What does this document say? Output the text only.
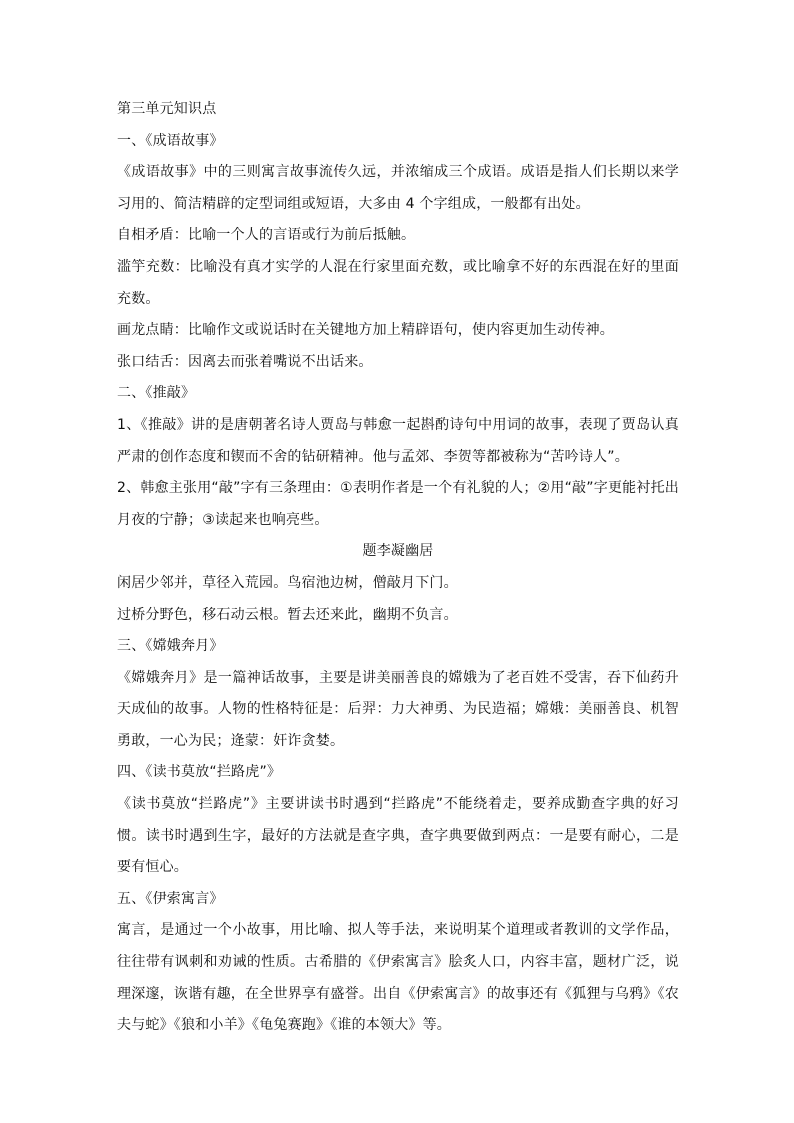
第三单元知识点

一、《成语故事》

《成语故事》中的三则寓言故事流传久远，并浓缩成三个成语。成语是指人们长期以来学习用的、简洁精辟的定型词组或短语，大多由 4 个字组成，一般都有出处。

自相矛盾：比喻一个人的言语或行为前后抵触。

滥竽充数：比喻没有真才实学的人混在行家里面充数，或比喻拿不好的东西混在好的里面充数。

画龙点睛：比喻作文或说话时在关键地方加上精辟语句，使内容更加生动传神。

张口结舌：因离去而张着嘴说不出话来。

二、《推敲》

1、《推敲》讲的是唐朝著名诗人贾岛与韩愈一起斟酌诗句中用词的故事，表现了贾岛认真严肃的创作态度和锲而不舍的钻研精神。他与孟郊、李贺等都被称为“苦吟诗人”。

2、韩愈主张用“敲”字有三条理由：①表明作者是一个有礼貌的人；②用“敲”字更能衬托出月夜的宁静；③读起来也响亮些。

题李凝幽居

闲居少邻并，草径入荒园。鸟宿池边树，僧敲月下门。

过桥分野色，移石动云根。暂去还来此，幽期不负言。

三、《嫦娥奔月》

《嫦娥奔月》是一篇神话故事，主要是讲美丽善良的嫦娥为了老百姓不受害，吞下仙药升天成仙的故事。人物的性格特征是：后羿：力大神勇、为民造福；嫦娥：美丽善良、机智勇敢，一心为民；逄蒙：奸诈贪婪。

四、《读书莫放“拦路虎”》

《读书莫放“拦路虎”》主要讲读书时遇到“拦路虎”不能绕着走，要养成勤查字典的好习惯。读书时遇到生字，最好的方法就是查字典，查字典要做到两点：一是要有耐心，二是要有恒心。

五、《伊索寓言》

寓言，是通过一个小故事，用比喻、拟人等手法，来说明某个道理或者教训的文学作品，往往带有讽刺和劝诫的性质。古希腊的《伊索寓言》脍炙人口，内容丰富，题材广泛，说理深邃，诙谐有趣，在全世界享有盛誉。出自《伊索寓言》的故事还有《狐狸与乌鸦》《农夫与蛇》《狼和小羊》《龟兔赛跑》《谁的本领大》等。
